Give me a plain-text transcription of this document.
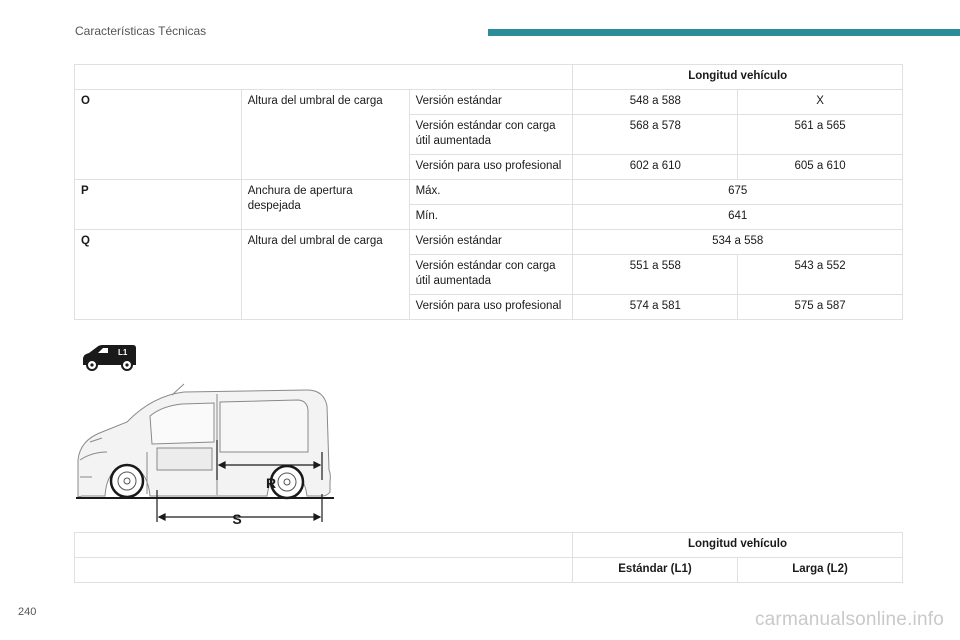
Características Técnicas
			Longitud vehículo	
O	Altura del umbral de carga	Versión estándar	548 a 588	X
		Versión estándar con carga útil aumentada	568 a 578	561 a 565
		Versión para uso profesional	602 a 610	605 a 610
P	Anchura de apertura despejada	Máx.	675	
		Mín.	641	
Q	Altura del umbral de carga	Versión estándar	534 a 558	
		Versión estándar con carga útil aumentada	551 a 558	543 a 552
		Versión para uso profesional	574 a 581	575 a 587
L1
R
S
	Longitud vehículo	
	Estándar (L1)	Larga (L2)
240	carmanualsonline.info
